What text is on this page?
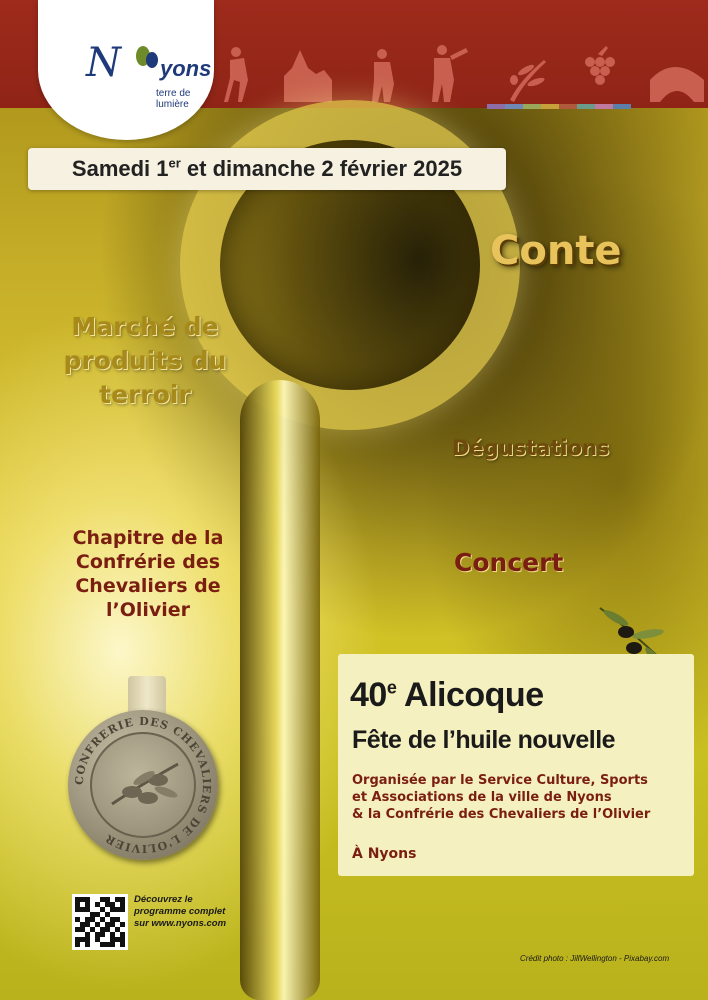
N yons
terre de lumière
Samedi 1er et dimanche 2 février 2025
Conte
Marché de produits du terroir
Dégustations
Chapitre de la Confrérie des Chevaliers de l’Olivier
Concert
CONFRERIE DES CHEVALIERS DE L'OLIVIER
40e Alicoque
Fête de l’huile nouvelle
Organisée par le Service Culture, Sports
et Associations de la ville de Nyons
& la Confrérie des Chevaliers de l’Olivier
À Nyons
Découvrez le
programme complet
sur www.nyons.com
Crédit photo : JillWellington - Pixabay.com
